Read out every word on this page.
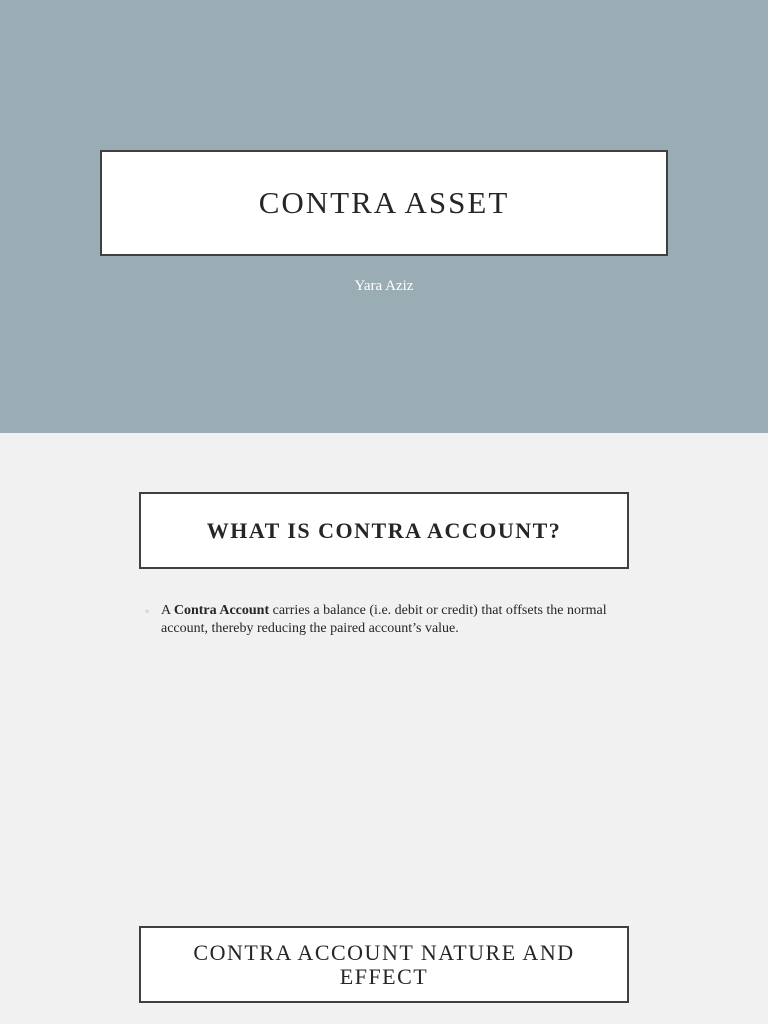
CONTRA ASSET
Yara Aziz
WHAT IS CONTRA ACCOUNT?
◦ A Contra Account carries a balance (i.e. debit or credit) that offsets the normal account, thereby reducing the paired account’s value.
CONTRA ACCOUNT NATURE AND EFFECT
